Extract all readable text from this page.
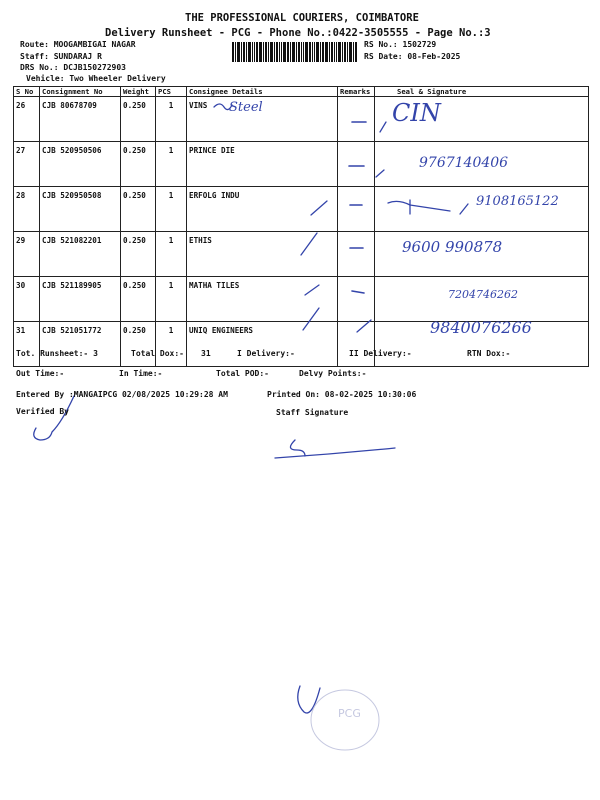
THE PROFESSIONAL COURIERS, COIMBATORE
Delivery Runsheet - PCG - Phone No.:0422-3505555 - Page No.:3
Route: MOOGAMBIGAI NAGAR
Staff: SUNDARAJ R
DRS No.: DCJB150272903
Vehicle: Two Wheeler Delivery
RS No.: 1502729
RS Date: 08-Feb-2025
S No	Consignment No	Weight	PCS	Consignee Details	Remarks	Seal & Signature
26	CJB 80678709	0.250	1	VINS		
27	CJB 520950506	0.250	1	PRINCE DIE		
28	CJB 520950508	0.250	1	ERFOLG INDU		
29	CJB 521082201	0.250	1	ETHIS		
30	CJB 521189905	0.250	1	MATHA TILES		
31	CJB 521051772	0.250	1	UNIQ ENGINEERS		
Steel	CIN
9767140406
9108165122
9600 990878
7204746262
9840076266
PCG
Tot. Runsheet:- 3	Total Dox:- 31	I Delivery:-	II Delivery:-	RTN Dox:-
Out Time:-	In Time:-	Total POD:-	Delvy Points:-
Entered By :MANGAIPCG 02/08/2025 10:29:28 AM	Printed On: 08-02-2025 10:30:06
Verified By	Staff Signature
